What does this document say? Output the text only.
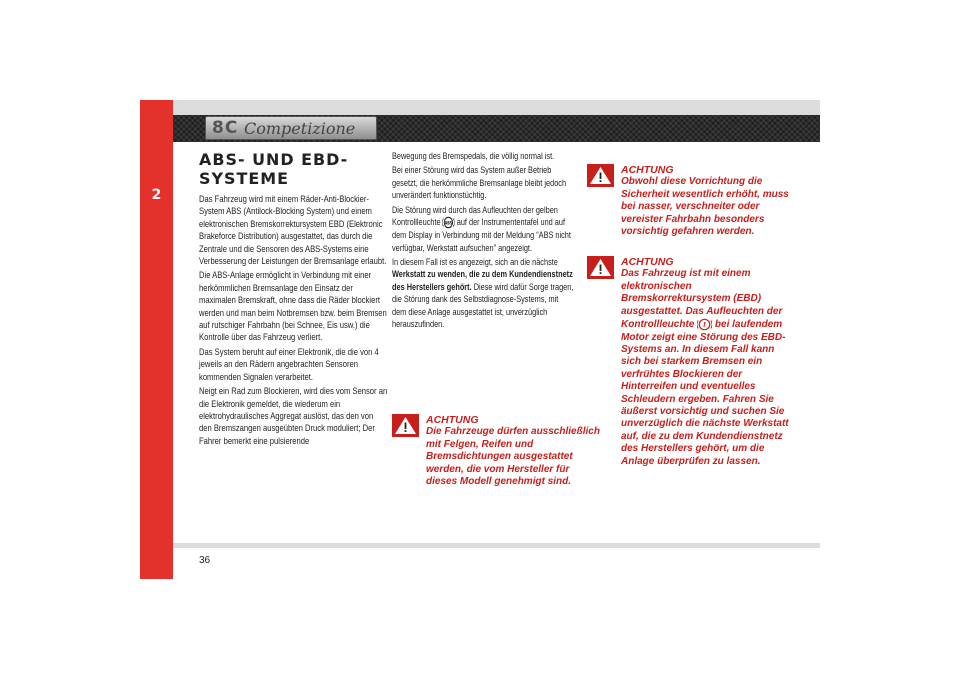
2
8C Competizione
ABS- UND EBD-SYSTEME

Das Fahrzeug wird mit einem Räder-Anti-Blockier-System ABS (Antilock-Blocking System) und einem elektronischen Bremskorrektursystem EBD (Elektronic Brakeforce Distribution) ausgestattet, das durch die Zentrale und die Sensoren des ABS-Systems eine Verbesserung der Leistungen der Bremsanlage erlaubt.

Die ABS-Anlage ermöglicht in Verbindung mit einer herkömmlichen Bremsanlage den Einsatz der maximalen Bremskraft, ohne dass die Räder blockiert werden und man beim Notbremsen bzw. beim Bremsen auf rutschiger Fahrbahn (bei Schnee, Eis usw.) die Kontrolle über das Fahrzeug verliert.

Das System beruht auf einer Elektronik, die die von 4 jeweils an den Rädern angebrachten Sensoren kommenden Signalen verarbeitet.

Neigt ein Rad zum Blockieren, wird dies vom Sensor an die Elektronik gemeldet, die wiederum ein elektrohydraulisches Aggregat auslöst, das den von den Bremszangen ausgeübten Druck moduliert; Der Fahrer bemerkt eine pulsierende

Bewegung des Bremspedals, die völlig normal ist.

Bei einer Störung wird das System außer Betrieb gesetzt, die herkömmliche Bremsanlage bleibt jedoch unverändert funktionstüchtig.

Die Störung wird durch das Aufleuchten der gelben Kontrollleuchte ABS auf der Instrumententafel und auf dem Display in Verbindung mit der Meldung “ABS nicht verfügbar, Werkstatt aufsuchen” angezeigt.

In diesem Fall ist es angezeigt, sich an die nächste Werkstatt zu wenden, die zu dem Kundendienstnetz des Herstellers gehört. Diese wird dafür Sorge tragen, die Störung dank des Selbstdiagnose-Systems, mit dem diese Anlage ausgestattet ist, unverzüglich herauszufinden.

ACHTUNG
Die Fahrzeuge dürfen ausschließlich mit Felgen, Reifen und Bremsdichtungen ausgestattet werden, die vom Hersteller für dieses Modell genehmigt sind.
ACHTUNG
Obwohl diese Vorrichtung die Sicherheit wesentlich erhöht, muss bei nasser, verschneiter oder vereister Fahrbahn besonders vorsichtig gefahren werden.
ACHTUNG
Das Fahrzeug ist mit einem elektronischen Bremskorrektursystem (EBD) ausgestattet. Das Aufleuchten der Kontrollleuchte ! bei laufendem Motor zeigt eine Störung des EBD-Systems an. In diesem Fall kann sich bei starkem Bremsen ein verfrühtes Blockieren der Hinterreifen und eventuelles Schleudern ergeben. Fahren Sie äußerst vorsichtig und suchen Sie unverzüglich die nächste Werkstatt auf, die zu dem Kundendienstnetz des Herstellers gehört, um die Anlage überprüfen zu lassen.
36
